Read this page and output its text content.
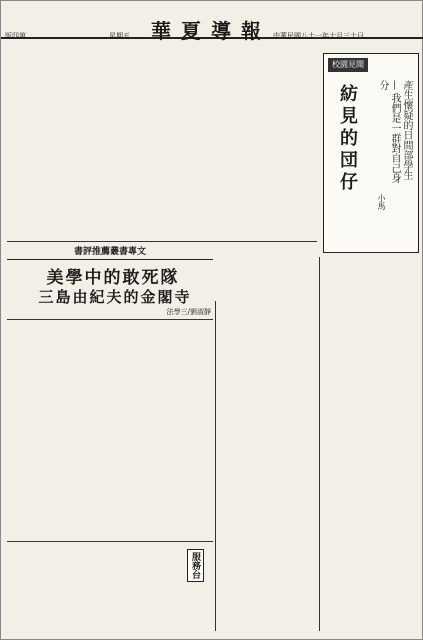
版四第	星期五 華夏導報 中華民國八十一年十月三十日
校園見聞
紡見的団仔	產生懷疑的日間部學生 — 我們是一群對自己身分
小馬
書評推薦叢書專文
美學中的敢死隊
三島由紀夫的金閣寺
法學三/劉淑靜
服務台
